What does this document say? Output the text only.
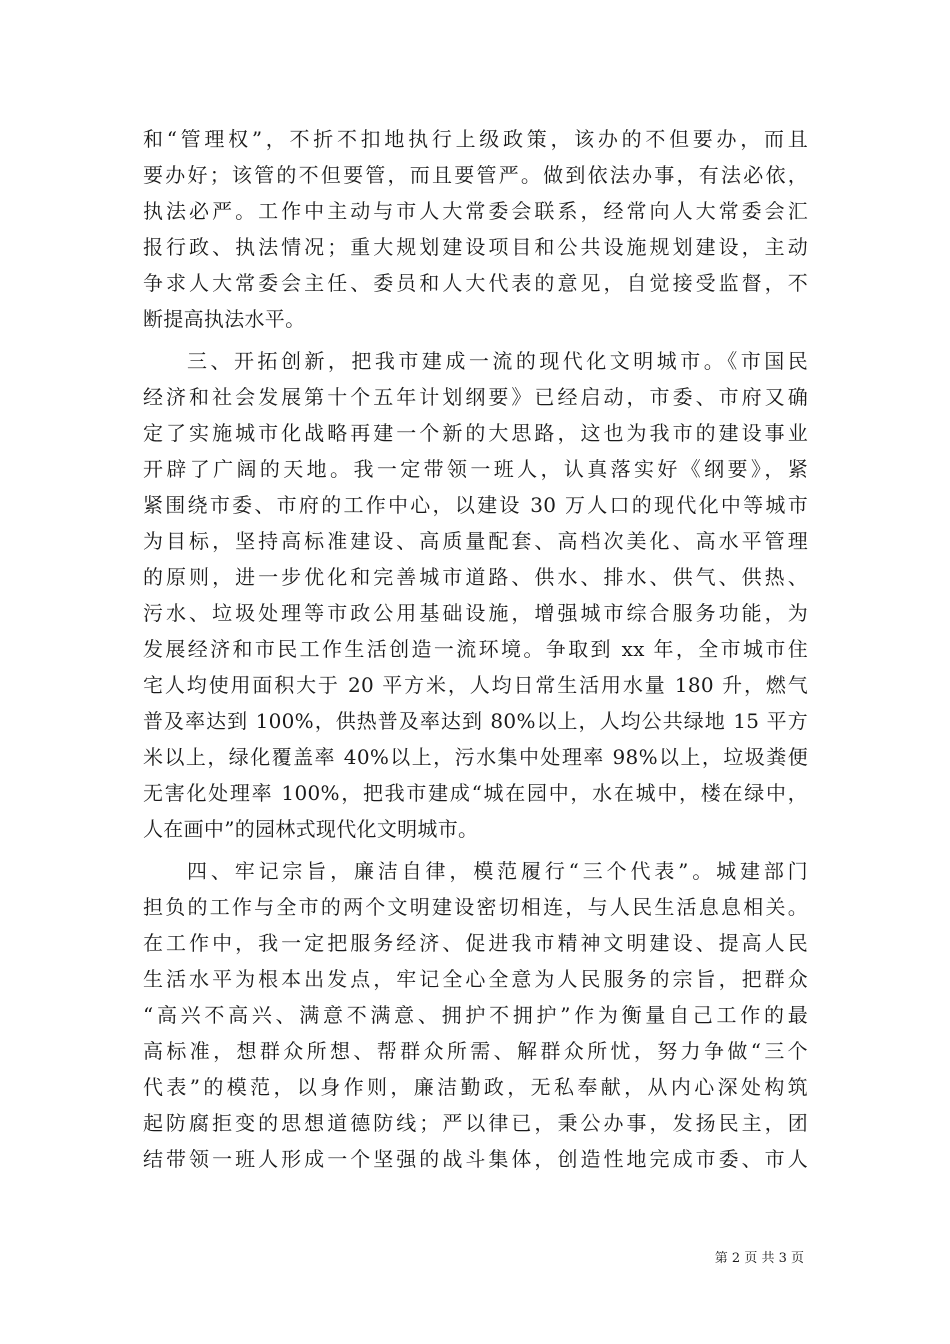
和“管理权”，不折不扣地执行上级政策，该办的不但要办，而且
要办好；该管的不但要管，而且要管严。做到依法办事，有法必依，
执法必严。工作中主动与市人大常委会联系，经常向人大常委会汇
报行政、执法情况；重大规划建设项目和公共设施规划建设，主动
争求人大常委会主任、委员和人大代表的意见，自觉接受监督，不
断提高执法水平。
三、开拓创新，把我市建成一流的现代化文明城市。《市国民
经济和社会发展第十个五年计划纲要》已经启动，市委、市府又确
定了实施城市化战略再建一个新的大思路，这也为我市的建设事业
开辟了广阔的天地。我一定带领一班人，认真落实好《纲要》，紧
紧围绕市委、市府的工作中心，以建设 30 万人口的现代化中等城市
为目标，坚持高标准建设、高质量配套、高档次美化、高水平管理
的原则，进一步优化和完善城市道路、供水、排水、供气、供热、
污水、垃圾处理等市政公用基础设施，增强城市综合服务功能，为
发展经济和市民工作生活创造一流环境。争取到 xx 年，全市城市住
宅人均使用面积大于 20 平方米，人均日常生活用水量 180 升，燃气
普及率达到 100%，供热普及率达到 80%以上，人均公共绿地 15 平方
米以上，绿化覆盖率 40%以上，污水集中处理率 98%以上，垃圾粪便
无害化处理率 100%，把我市建成“城在园中，水在城中，楼在绿中，
人在画中”的园林式现代化文明城市。
四、牢记宗旨，廉洁自律，模范履行“三个代表”。城建部门
担负的工作与全市的两个文明建设密切相连，与人民生活息息相关。
在工作中，我一定把服务经济、促进我市精神文明建设、提高人民
生活水平为根本出发点，牢记全心全意为人民服务的宗旨，把群众
“高兴不高兴、满意不满意、拥护不拥护”作为衡量自己工作的最
高标准，想群众所想、帮群众所需、解群众所忧，努力争做“三个
代表”的模范，以身作则，廉洁勤政，无私奉献，从内心深处构筑
起防腐拒变的思想道德防线；严以律已，秉公办事，发扬民主，团
结带领一班人形成一个坚强的战斗集体，创造性地完成市委、市人
第 2 页 共 3 页
